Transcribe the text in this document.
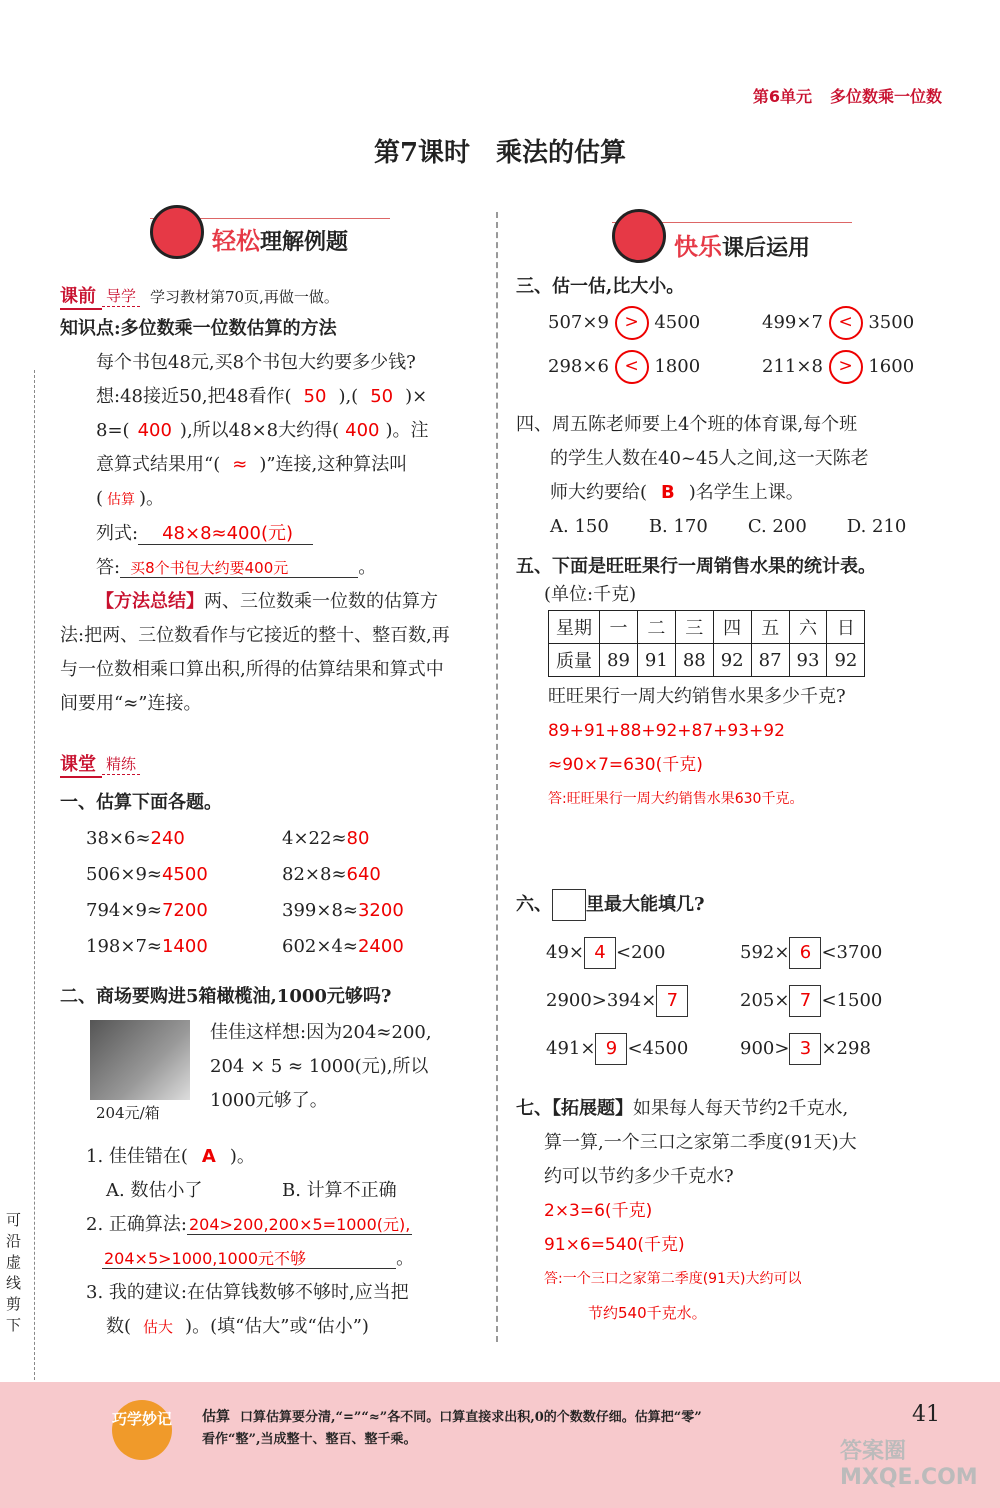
第6单元 多位数乘一位数
第7课时　乘法的估算
可沿虚线剪下
轻松理解例题
课前 导学 学习教材第70页,再做一做。
知识点:多位数乘一位数估算的方法
每个书包48元,买8个书包大约要多少钱?
想:48接近50,把48看作( 50 ),( 50 )×
8=( 400 ),所以48×8大约得( 400 )。注
意算式结果用“( ≈ )”连接,这种算法叫
( 估算 )。
列式: 48×8≈400(元)
答: 买8个书包大约要400元	。
【方法总结】两、三位数乘一位数的估算方
法:把两、三位数看作与它接近的整十、整百数,再
与一位数相乘口算出积,所得的估算结果和算式中
间要用“≈”连接。
课堂 精练
一、估算下面各题。
38×6≈240	4×22≈80
506×9≈4500	82×8≈640
794×9≈7200	399×8≈3200
198×7≈1400	602×4≈2400
二、商场要购进5箱橄榄油,1000元够吗?
204元/箱
佳佳这样想:因为204≈200,
204 × 5 ≈ 1000(元),所以
1000元够了。
1. 佳佳错在( A )。
A. 数估小了	B. 计算不正确
2. 正确算法: 204>200,200×5=1000(元),
204×5>1000,1000元不够	。
3. 我的建议:在估算钱数够不够时,应当把
数( 估大 )。(填“估大”或“估小”)
快乐课后运用
三、估一估,比大小。
507×9 > 4500	499×7 < 3500
298×6 < 1800	211×8 > 1600
四、周五陈老师要上4个班的体育课,每个班
的学生人数在40~45人之间,这一天陈老
师大约要给( B )名学生上课。
A. 150 B. 170 C. 200 D. 210
五、下面是旺旺果行一周销售水果的统计表。
(单位:千克)
星期	一	二	三	四	五	六	日
质量	89	91	88	92	87	93	92
旺旺果行一周大约销售水果多少千克?
89+91+88+92+87+93+92
≈90×7=630(千克)
答:旺旺果行一周大约销售水果630千克。
六、 里最大能填几?
49× 4 <200	592× 6 <3700
2900>394× 7	205× 7 <1500
491× 9 <4500	900> 3 ×298
七、【拓展题】如果每人每天节约2千克水,
算一算,一个三口之家第二季度(91天)大
约可以节约多少千克水?
2×3=6(千克)
91×6=540(千克)
答:一个三口之家第二季度(91天)大约可以
节约540千克水。
巧学妙记 估算 口算估算要分清,“=”“≈”各不同。口算直接求出积,0的个数数仔细。估算把“零”
看作“整”,当成整十、整百、整千乘。
41
答案圈 MXQE.COM
